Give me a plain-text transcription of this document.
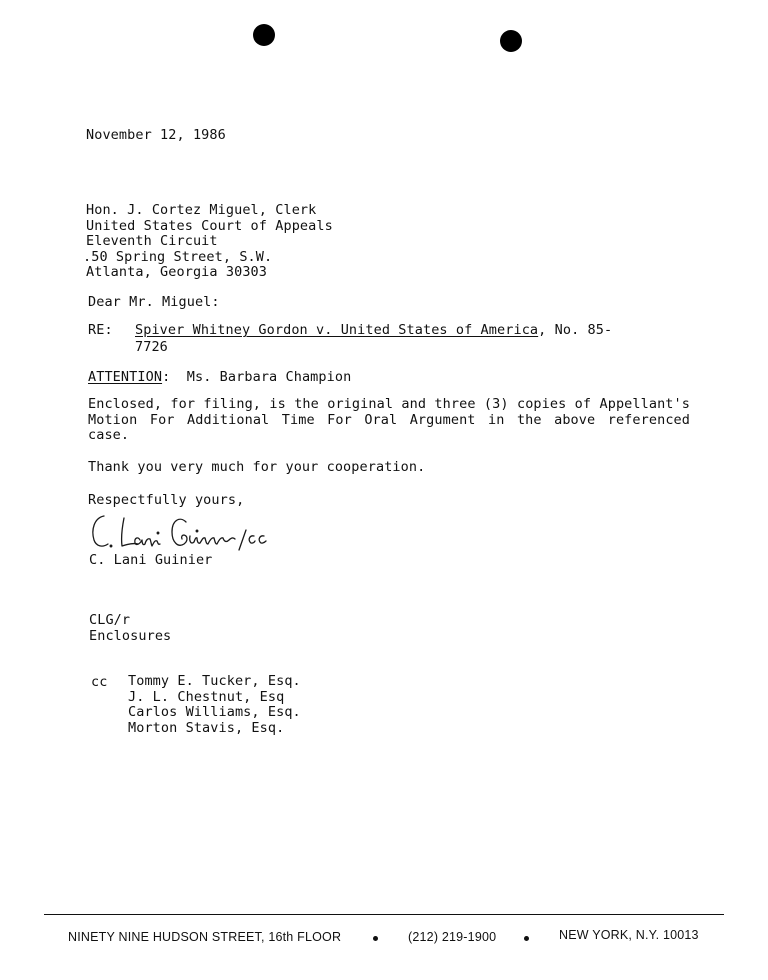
November 12, 1986
Hon. J. Cortez Miguel, Clerk
United States Court of Appeals
Eleventh Circuit
.50 Spring Street, S.W.
Atlanta, Georgia 30303
Dear Mr. Miguel:
RE: Spiver Whitney Gordon v. United States of America, No. 85-
7726
ATTENTION: Ms. Barbara Champion
Enclosed, for filing, is the original and three (3) copies of Appellant's Motion For Additional Time For Oral Argument in the above referenced case.
Thank you very much for your cooperation.
Respectfully yours,
C. Lani Guinier
CLG/r
Enclosures
cc Tommy E. Tucker, Esq.
J. L. Chestnut, Esq
Carlos Williams, Esq.
Morton Stavis, Esq.
NINETY NINE HUDSON STREET, 16th FLOOR	(212) 219-1900	NEW YORK, N.Y. 10013
